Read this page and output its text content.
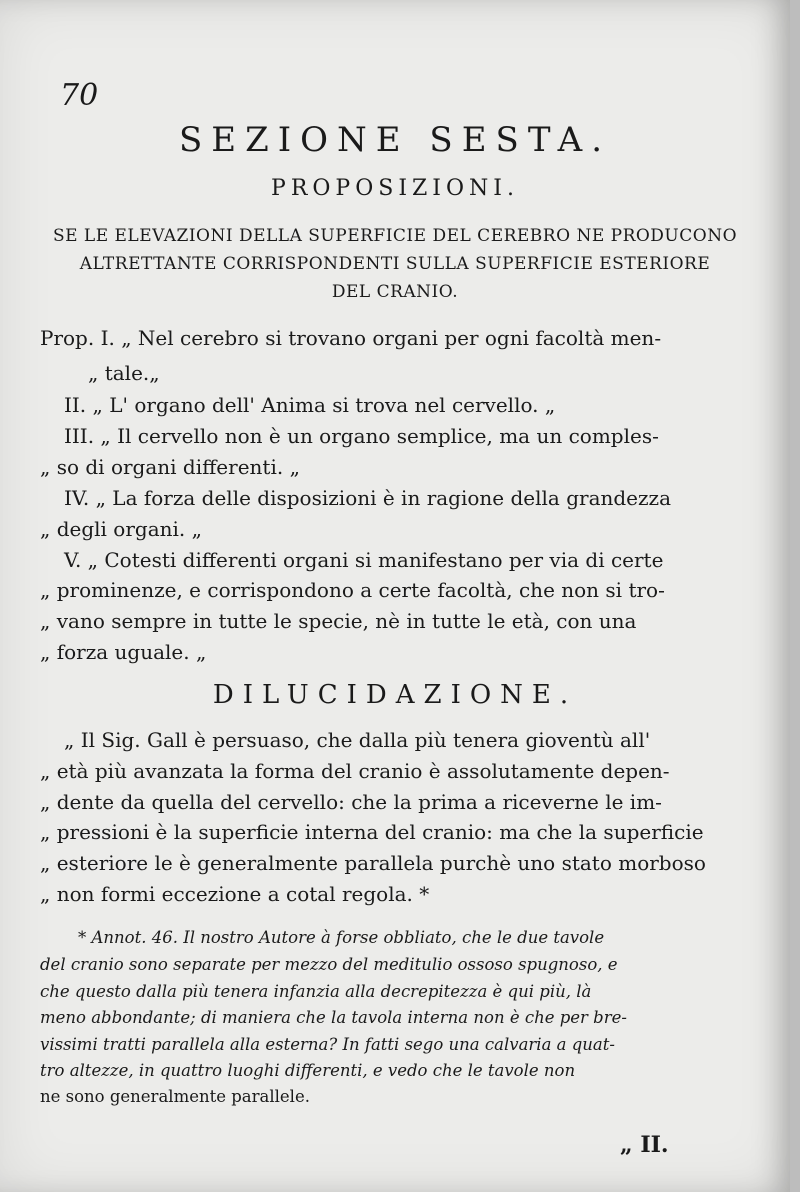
70
SEZIONE SESTA.
PROPOSIZIONI.
SE LE ELEVAZIONI DELLA SUPERFICIE DEL CEREBRO NE PRODUCONO
ALTRETTANTE CORRISPONDENTI SULLA SUPERFICIE ESTERIORE
DEL CRANIO.
Prop. I. „ Nel cerebro si trovano organi per ogni facoltà men-
„ tale.„
II. „ L' organo dell' Anima si trova nel cervello. „
III. „ Il cervello non è un organo semplice, ma un comples-
„ so di organi differenti. „
IV. „ La forza delle disposizioni è in ragione della grandezza
„ degli organi. „
V. „ Cotesti differenti organi si manifestano per via di certe
„ prominenze, e corrispondono a certe facoltà, che non si tro-
„ vano sempre in tutte le specie, nè in tutte le età, con una
„ forza uguale. „
DILUCIDAZIONE.
„ Il Sig. Gall è persuaso, che dalla più tenera gioventù all'
„ età più avanzata la forma del cranio è assolutamente depen-
„ dente da quella del cervello: che la prima a riceverne le im-
„ pressioni è la superficie interna del cranio: ma che la superficie
„ esteriore le è generalmente parallela purchè uno stato morboso
„ non formi eccezione a cotal regola. *
* Annot. 46. Il nostro Autore à forse obbliato, che le due tavole
del cranio sono separate per mezzo del meditulio ossoso spugnoso, e
che questo dalla più tenera infanzia alla decrepitezza è qui più, là
meno abbondante; di maniera che la tavola interna non è che per bre-
vissimi tratti parallela alla esterna? In fatti sego una calvaria a quat-
tro altezze, in quattro luoghi differenti, e vedo che le tavole non
ne sono generalmente parallele.
„ II.
